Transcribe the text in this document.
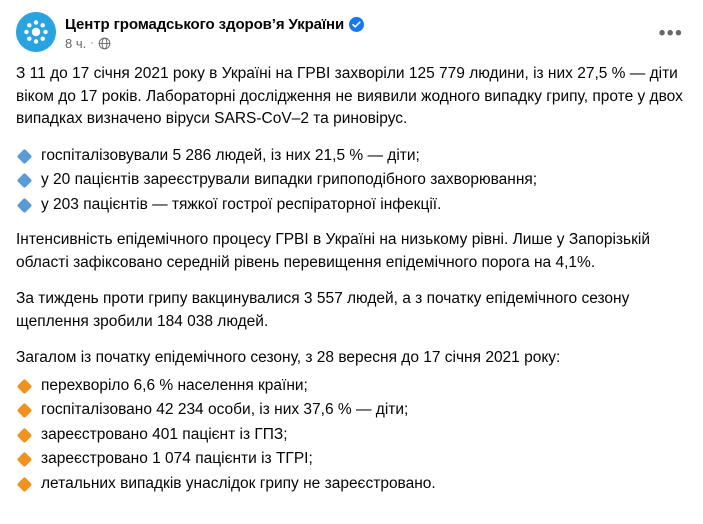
Центр громадського здоров’я України
8 ч. ·	•••

З 11 до 17 січня 2021 року в Україні на ГРВІ захворіли 125 779 людини, із них 27,5 % — діти віком до 17 років. Лабораторні дослідження не виявили жодного випадку грипу, проте у двох випадках визначено віруси SARS-CoV–2 та риновірус.

госпіталізовували 5 286 людей, із них 21,5 % — діти;
у 20 пацієнтів зареєстрували випадки грипоподібного захворювання;
у 203 пацієнтів — тяжкої гострої респіраторної інфекції.

Інтенсивність епідемічного процесу ГРВІ в Україні на низькому рівні. Лише у Запорізькій області зафіксовано середній рівень перевищення епідемічного порога на 4,1%.

За тиждень проти грипу вакцинувалися 3 557 людей, а з початку епідемічного сезону щеплення зробили 184 038 людей.

Загалом із початку епідемічного сезону, з 28 вересня до 17 січня 2021 року:

перехворіло 6,6 % населення країни;
госпіталізовано 42 234 особи, із них 37,6 % — діти;
зареєстровано 401 пацієнт із ГПЗ;
зареєстровано 1 074 пацієнти із ТГРІ;
летальних випадків унаслідок грипу не зареєстровано.
